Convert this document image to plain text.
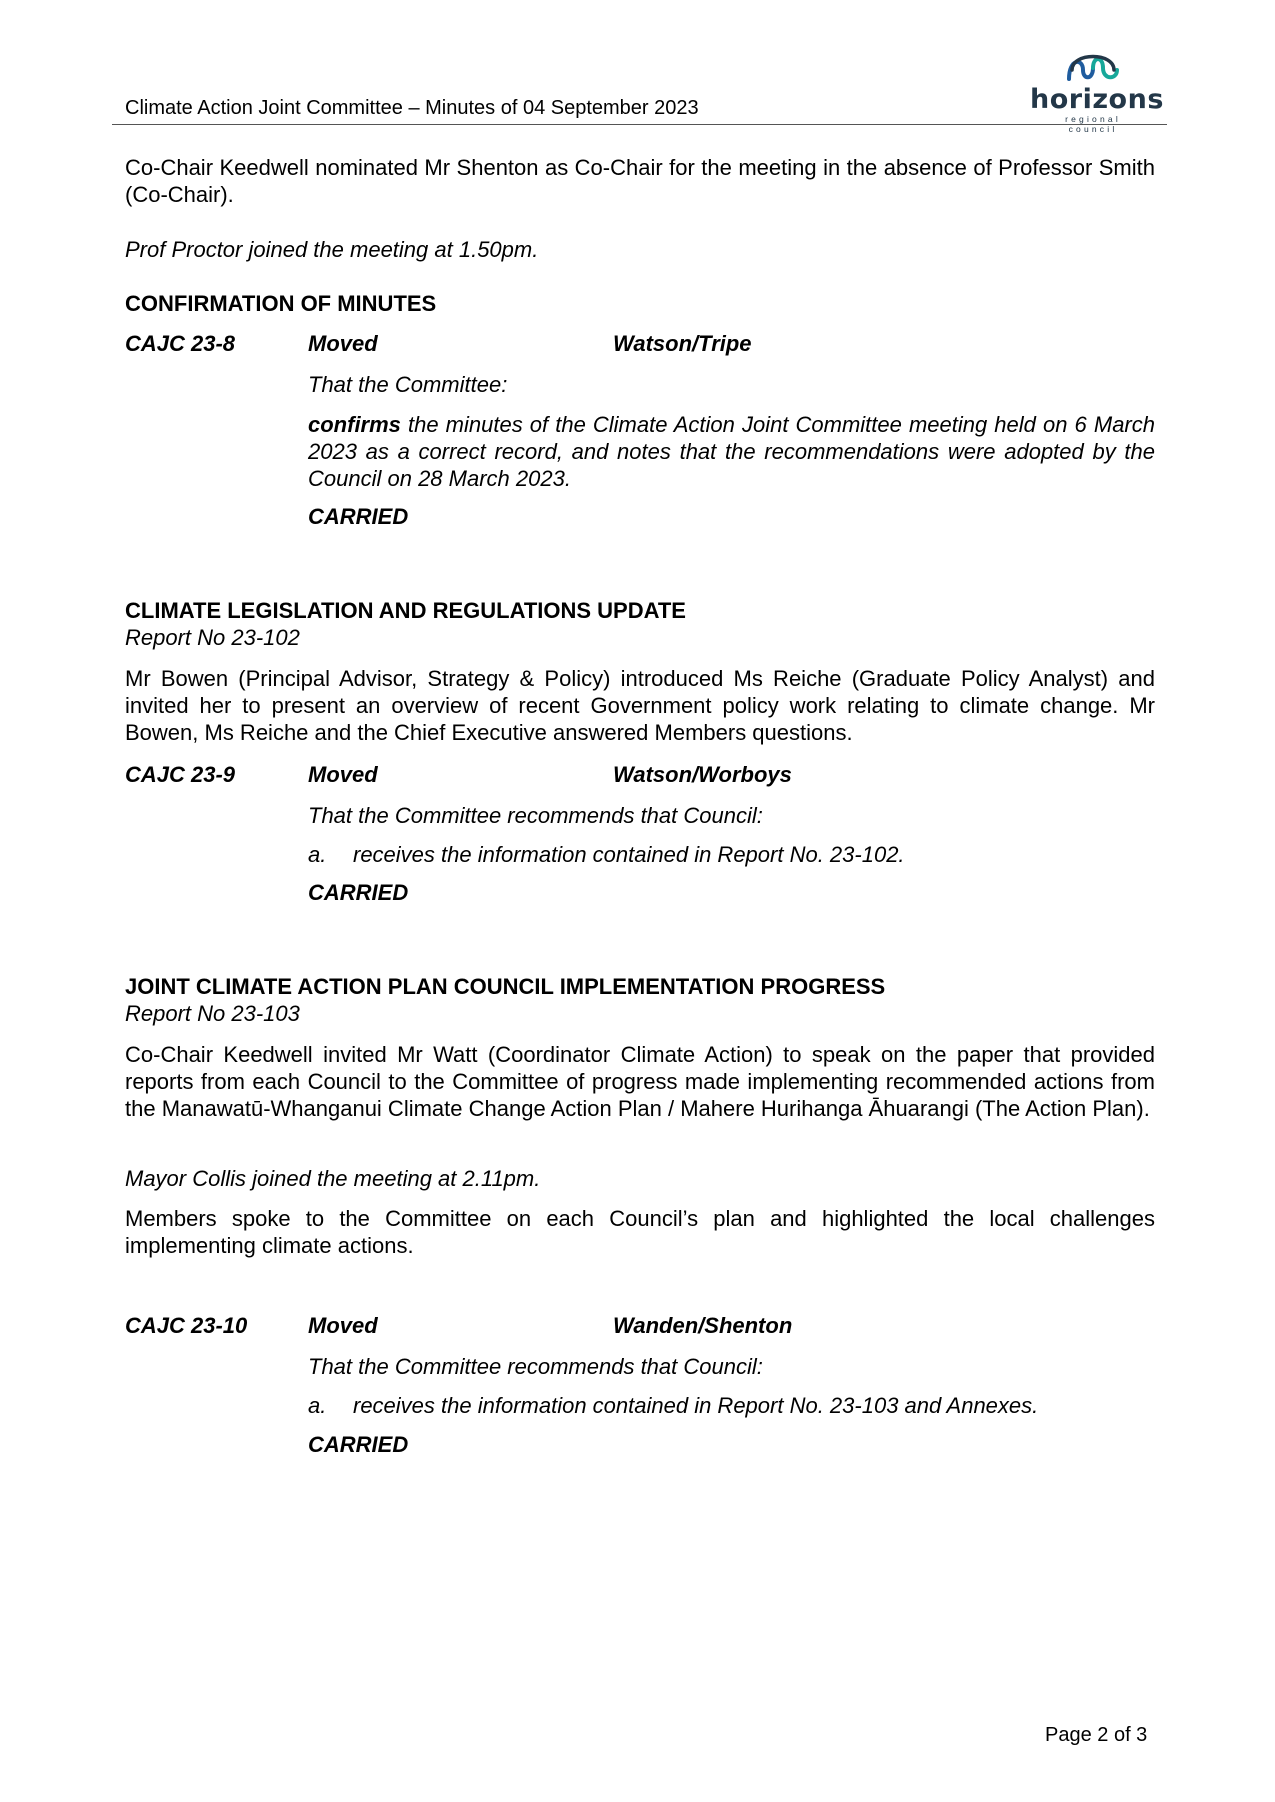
Climate Action Joint Committee – Minutes of 04 September 2023	horizons
regional council
Co-Chair Keedwell nominated Mr Shenton as Co-Chair for the meeting in the absence of Professor Smith (Co-Chair).
Prof Proctor joined the meeting at 1.50pm.
CONFIRMATION OF MINUTES
CAJC 23-8	Moved	Watson/Tripe
That the Committee:
confirms the minutes of the Climate Action Joint Committee meeting held on 6 March 2023 as a correct record, and notes that the recommendations were adopted by the Council on 28 March 2023.
CARRIED
CLIMATE LEGISLATION AND REGULATIONS UPDATE
Report No 23-102
Mr Bowen (Principal Advisor, Strategy & Policy) introduced Ms Reiche (Graduate Policy Analyst) and invited her to present an overview of recent Government policy work relating to climate change. Mr Bowen, Ms Reiche and the Chief Executive answered Members questions.
CAJC 23-9	Moved	Watson/Worboys
That the Committee recommends that Council:
a. receives the information contained in Report No. 23-102.
CARRIED
JOINT CLIMATE ACTION PLAN COUNCIL IMPLEMENTATION PROGRESS
Report No 23-103
Co-Chair Keedwell invited Mr Watt (Coordinator Climate Action) to speak on the paper that provided reports from each Council to the Committee of progress made implementing recommended actions from the Manawatū-Whanganui Climate Change Action Plan / Mahere Hurihanga Āhuarangi (The Action Plan).
Mayor Collis joined the meeting at 2.11pm.
Members spoke to the Committee on each Council’s plan and highlighted the local challenges implementing climate actions.
CAJC 23-10	Moved	Wanden/Shenton
That the Committee recommends that Council:
a. receives the information contained in Report No. 23-103 and Annexes.
CARRIED
Page 2 of 3
